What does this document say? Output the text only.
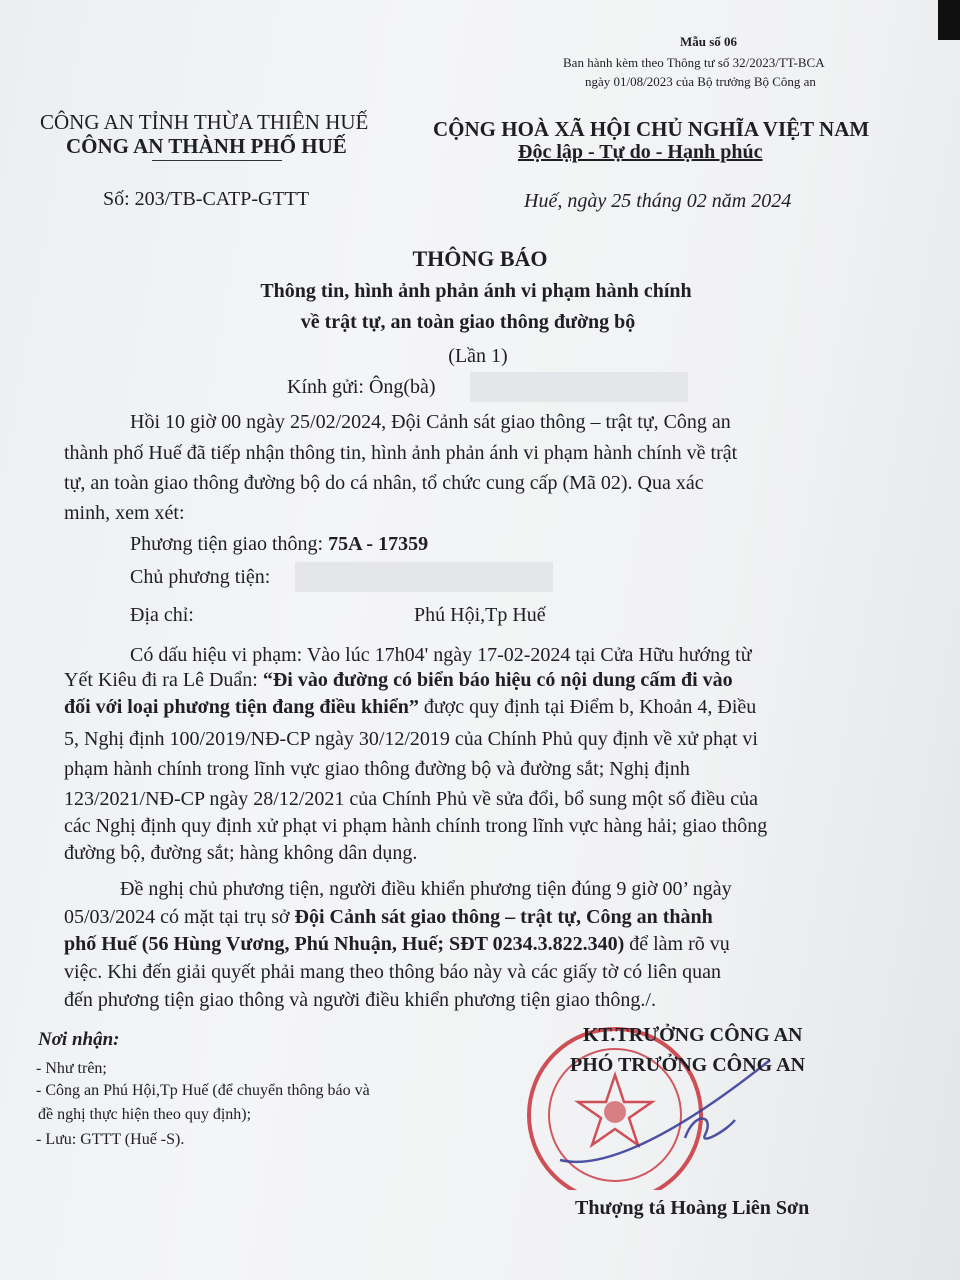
Mẫu số 06
Ban hành kèm theo Thông tư số 32/2023/TT-BCA
ngày 01/08/2023 của Bộ trưởng Bộ Công an
CÔNG AN TỈNH THỪA THIÊN HUẾ
CÔNG AN THÀNH PHỐ HUẾ
CỘNG HOÀ XÃ HỘI CHỦ NGHĨA VIỆT NAM
Độc lập - Tự do - Hạnh phúc
Số: 203/TB-CATP-GTTT	Huế, ngày 25 tháng 02 năm 2024
THÔNG BÁO
Thông tin, hình ảnh phản ánh vi phạm hành chính
về trật tự, an toàn giao thông đường bộ
(Lần 1)
Kính gửi: Ông(bà)
Hồi 10 giờ 00 ngày 25/02/2024, Đội Cảnh sát giao thông – trật tự, Công an
thành phố Huế đã tiếp nhận thông tin, hình ảnh phản ánh vi phạm hành chính về trật
tự, an toàn giao thông đường bộ do cá nhân, tổ chức cung cấp (Mã 02). Qua xác
minh, xem xét:
Phương tiện giao thông: 75A - 17359
Chủ phương tiện:
Địa chỉ:	Phú Hội,Tp Huế
Có dấu hiệu vi phạm: Vào lúc 17h04' ngày 17-02-2024 tại Cửa Hữu hướng từ
Yết Kiêu đi ra Lê Duẩn: “Đi vào đường có biển báo hiệu có nội dung cấm đi vào
đối với loại phương tiện đang điều khiển” được quy định tại Điểm b, Khoản 4, Điều
5, Nghị định 100/2019/NĐ-CP ngày 30/12/2019 của Chính Phủ quy định về xử phạt vi
phạm hành chính trong lĩnh vực giao thông đường bộ và đường sắt; Nghị định
123/2021/NĐ-CP ngày 28/12/2021 của Chính Phủ về sửa đổi, bổ sung một số điều của
các Nghị định quy định xử phạt vi phạm hành chính trong lĩnh vực hàng hải; giao thông
đường bộ, đường sắt; hàng không dân dụng.
Đề nghị chủ phương tiện, người điều khiển phương tiện đúng 9 giờ 00’ ngày
05/03/2024 có mặt tại trụ sở Đội Cảnh sát giao thông – trật tự, Công an thành
phố Huế (56 Hùng Vương, Phú Nhuận, Huế; SĐT 0234.3.822.340) để làm rõ vụ
việc. Khi đến giải quyết phải mang theo thông báo này và các giấy tờ có liên quan
đến phương tiện giao thông và người điều khiển phương tiện giao thông./.
Nơi nhận:
- Như trên;
- Công an Phú Hội,Tp Huế (để chuyển thông báo và
đề nghị thực hiện theo quy định);
- Lưu: GTTT (Huế -S).
KT.TRƯỞNG CÔNG AN
PHÓ TRƯỞNG CÔNG AN
Thượng tá Hoàng Liên Sơn
